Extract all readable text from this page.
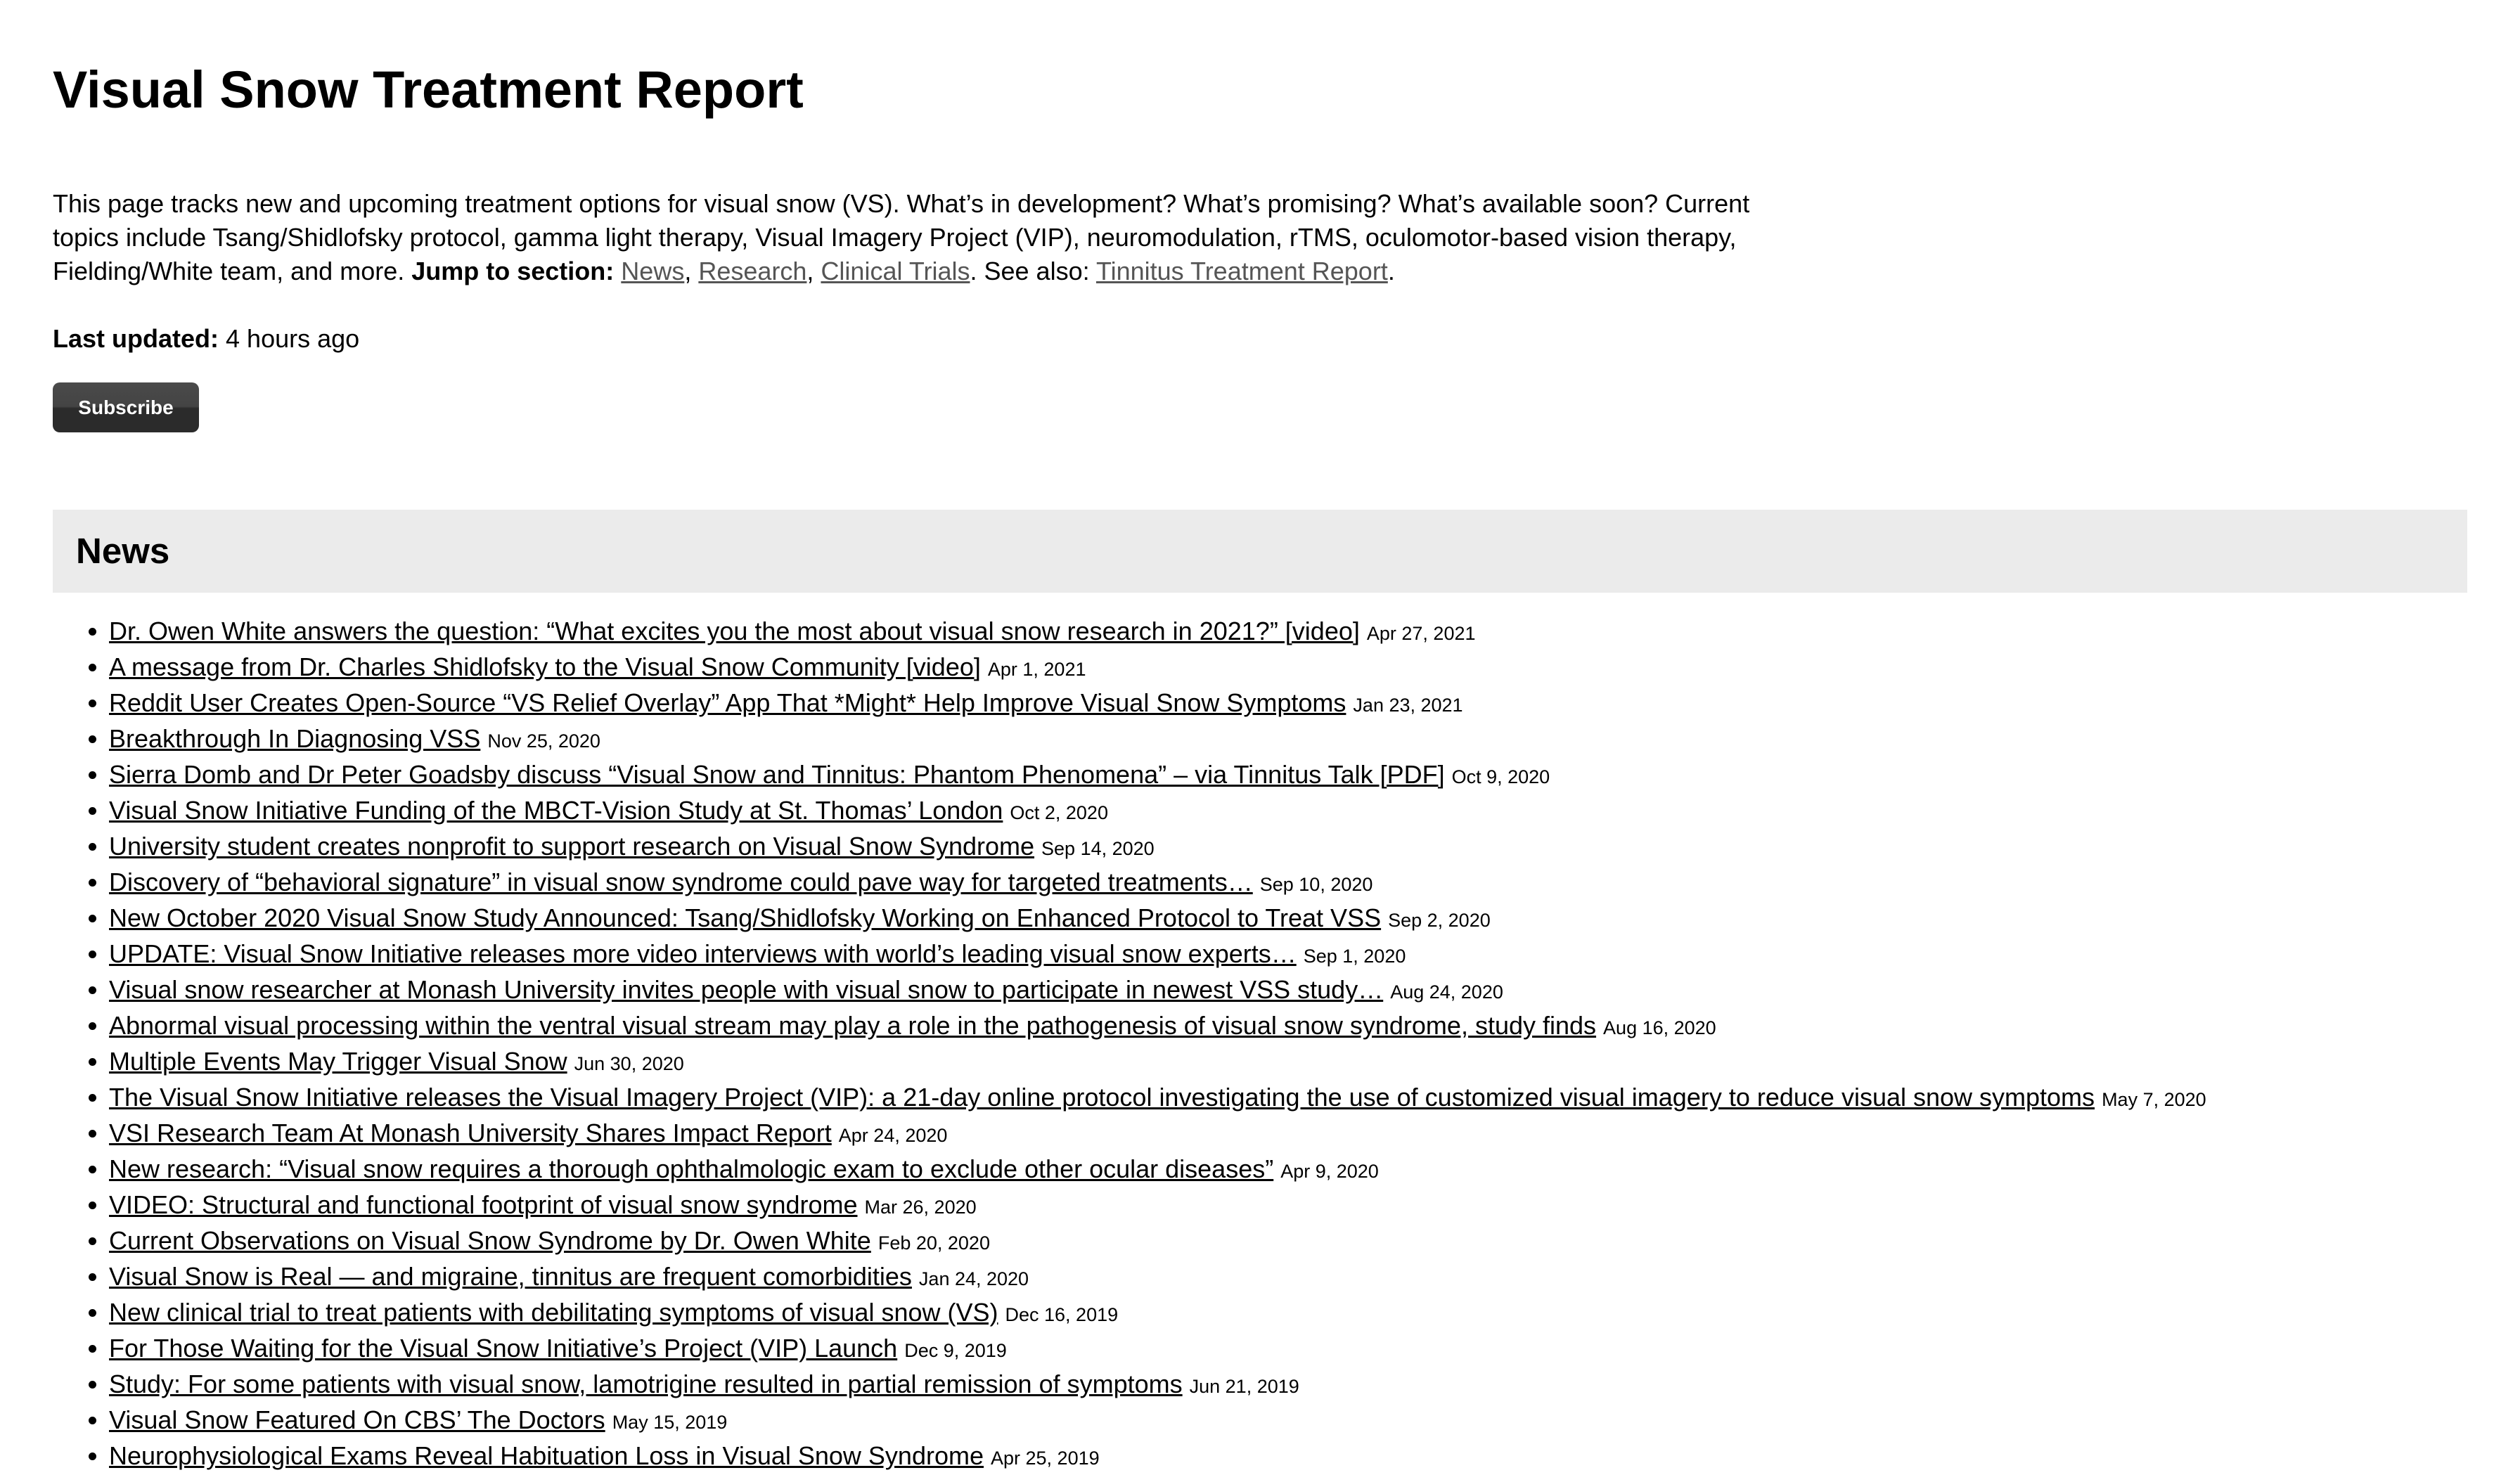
Visual Snow Treatment Report

This page tracks new and upcoming treatment options for visual snow (VS). What’s in development? What’s promising? What’s available soon? Current topics include Tsang/Shidlofsky protocol, gamma light therapy, Visual Imagery Project (VIP), neuromodulation, rTMS, oculomotor-based vision therapy, Fielding/White team, and more. Jump to section: News, Research, Clinical Trials. See also: Tinnitus Treatment Report.

Last updated: 4 hours ago

Subscribe
News
• Dr. Owen White answers the question: “What excites you the most about visual snow research in 2021?” [video] Apr 27, 2021
• A message from Dr. Charles Shidlofsky to the Visual Snow Community [video] Apr 1, 2021
• Reddit User Creates Open-Source “VS Relief Overlay” App That *Might* Help Improve Visual Snow Symptoms Jan 23, 2021
• Breakthrough In Diagnosing VSS Nov 25, 2020
• Sierra Domb and Dr Peter Goadsby discuss “Visual Snow and Tinnitus: Phantom Phenomena” – via Tinnitus Talk [PDF] Oct 9, 2020
• Visual Snow Initiative Funding of the MBCT-Vision Study at St. Thomas’ London Oct 2, 2020
• University student creates nonprofit to support research on Visual Snow Syndrome Sep 14, 2020
• Discovery of “behavioral signature” in visual snow syndrome could pave way for targeted treatments… Sep 10, 2020
• New October 2020 Visual Snow Study Announced: Tsang/Shidlofsky Working on Enhanced Protocol to Treat VSS Sep 2, 2020
• UPDATE: Visual Snow Initiative releases more video interviews with world’s leading visual snow experts… Sep 1, 2020
• Visual snow researcher at Monash University invites people with visual snow to participate in newest VSS study… Aug 24, 2020
• Abnormal visual processing within the ventral visual stream may play a role in the pathogenesis of visual snow syndrome, study finds Aug 16, 2020
• Multiple Events May Trigger Visual Snow Jun 30, 2020
• The Visual Snow Initiative releases the Visual Imagery Project (VIP): a 21-day online protocol investigating the use of customized visual imagery to reduce visual snow symptoms May 7, 2020
• VSI Research Team At Monash University Shares Impact Report Apr 24, 2020
• New research: “Visual snow requires a thorough ophthalmologic exam to exclude other ocular diseases” Apr 9, 2020
• VIDEO: Structural and functional footprint of visual snow syndrome Mar 26, 2020
• Current Observations on Visual Snow Syndrome by Dr. Owen White Feb 20, 2020
• Visual Snow is Real — and migraine, tinnitus are frequent comorbidities Jan 24, 2020
• New clinical trial to treat patients with debilitating symptoms of visual snow (VS) Dec 16, 2019
• For Those Waiting for the Visual Snow Initiative’s Project (VIP) Launch Dec 9, 2019
• Study: For some patients with visual snow, lamotrigine resulted in partial remission of symptoms Jun 21, 2019
• Visual Snow Featured On CBS’ The Doctors May 15, 2019
• Neurophysiological Exams Reveal Habituation Loss in Visual Snow Syndrome Apr 25, 2019
